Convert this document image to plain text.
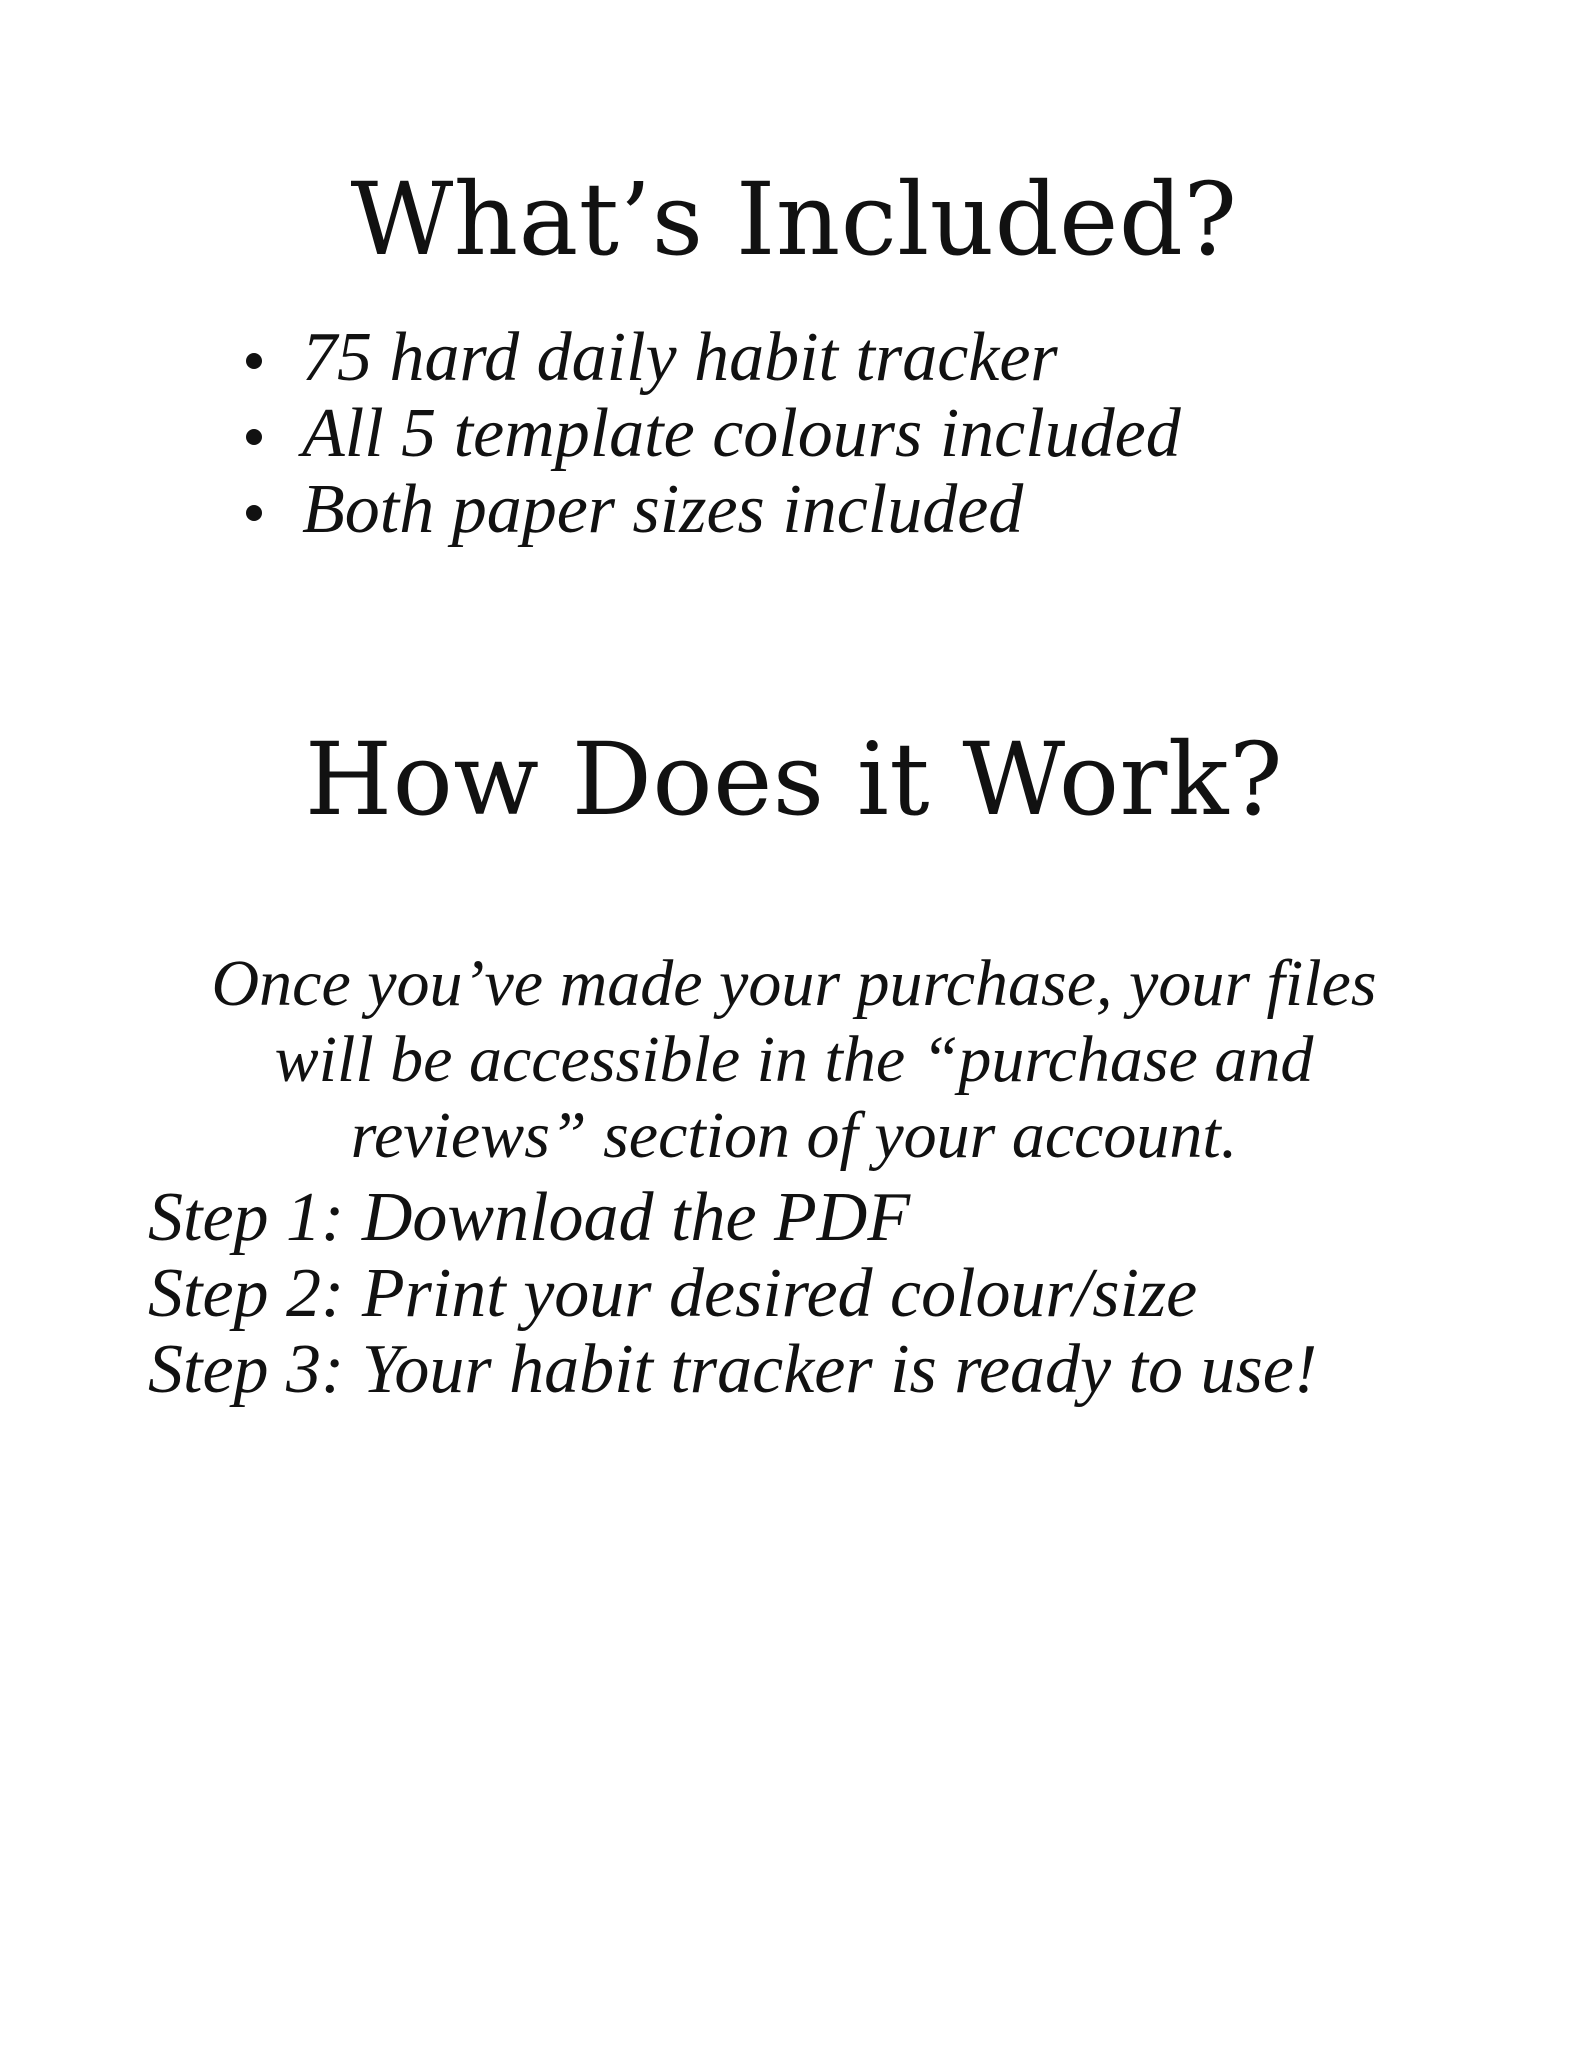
What’s Included?
75 hard daily habit tracker
All 5 template colours included
Both paper sizes included
How Does it Work?

Once you’ve made your purchase, your files
will be accessible in the “purchase and
reviews” section of your account.

Step 1: Download the PDF
Step 2: Print your desired colour/size
Step 3: Your habit tracker is ready to use!
